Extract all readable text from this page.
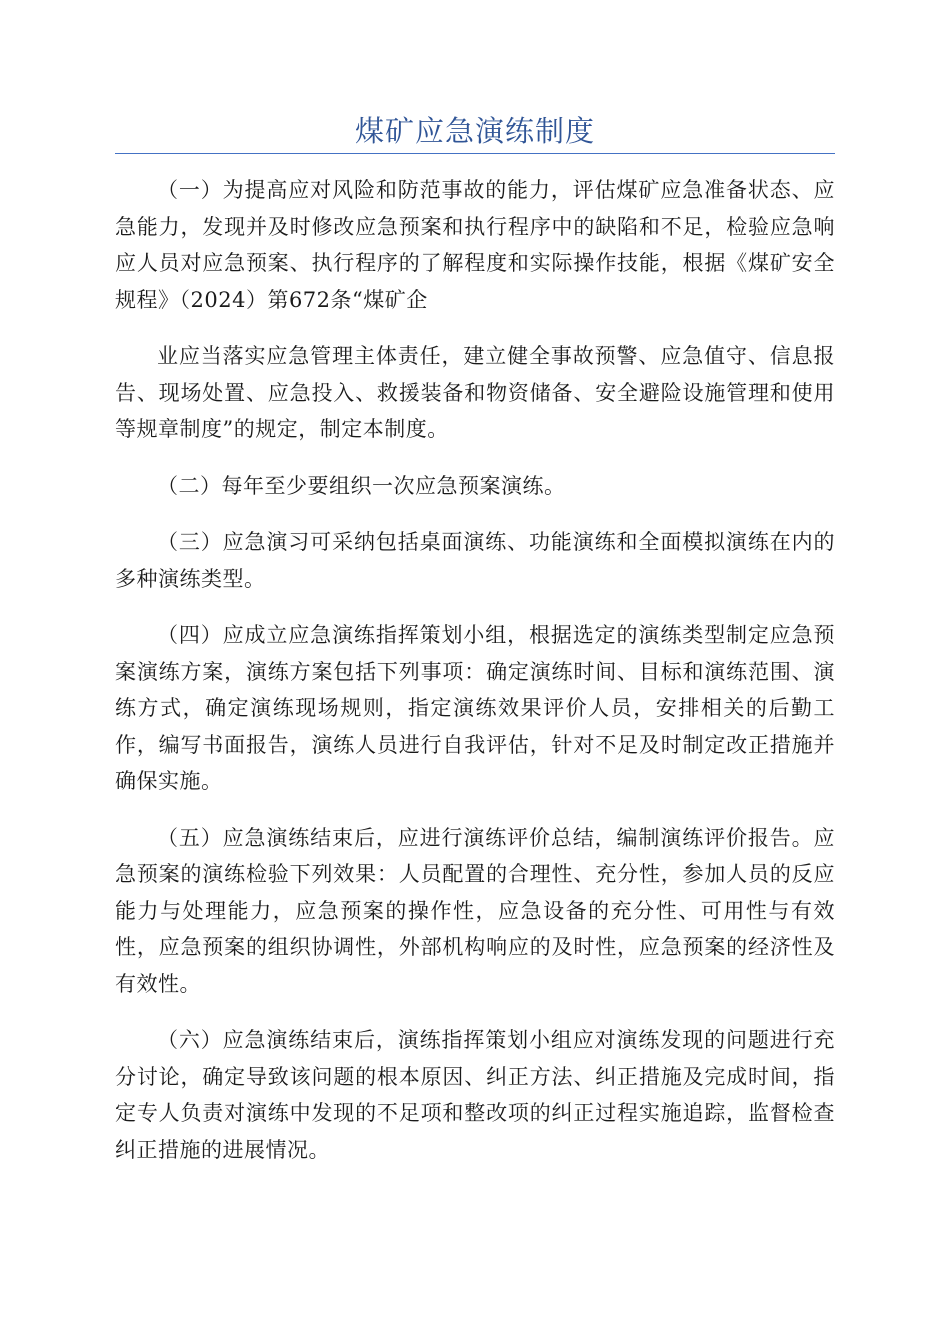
煤矿应急演练制度

（一）为提高应对风险和防范事故的能力，评估煤矿应急准备状态、应急能力，发现并及时修改应急预案和执行程序中的缺陷和不足，检验应急响应人员对应急预案、执行程序的了解程度和实际操作技能，根据《煤矿安全规程》（2024）第672条“煤矿企

业应当落实应急管理主体责任，建立健全事故预警、应急值守、信息报告、现场处置、应急投入、救援装备和物资储备、安全避险设施管理和使用等规章制度”的规定，制定本制度。

（二）每年至少要组织一次应急预案演练。

（三）应急演习可采纳包括桌面演练、功能演练和全面模拟演练在内的多种演练类型。

（四）应成立应急演练指挥策划小组，根据选定的演练类型制定应急预案演练方案，演练方案包括下列事项：确定演练时间、目标和演练范围、演练方式，确定演练现场规则，指定演练效果评价人员，安排相关的后勤工作，编写书面报告，演练人员进行自我评估，针对不足及时制定改正措施并确保实施。

（五）应急演练结束后，应进行演练评价总结，编制演练评价报告。应急预案的演练检验下列效果：人员配置的合理性、充分性，参加人员的反应能力与处理能力，应急预案的操作性，应急设备的充分性、可用性与有效性，应急预案的组织协调性，外部机构响应的及时性，应急预案的经济性及有效性。

（六）应急演练结束后，演练指挥策划小组应对演练发现的问题进行充分讨论，确定导致该问题的根本原因、纠正方法、纠正措施及完成时间，指定专人负责对演练中发现的不足项和整改项的纠正过程实施追踪，监督检查纠正措施的进展情况。
